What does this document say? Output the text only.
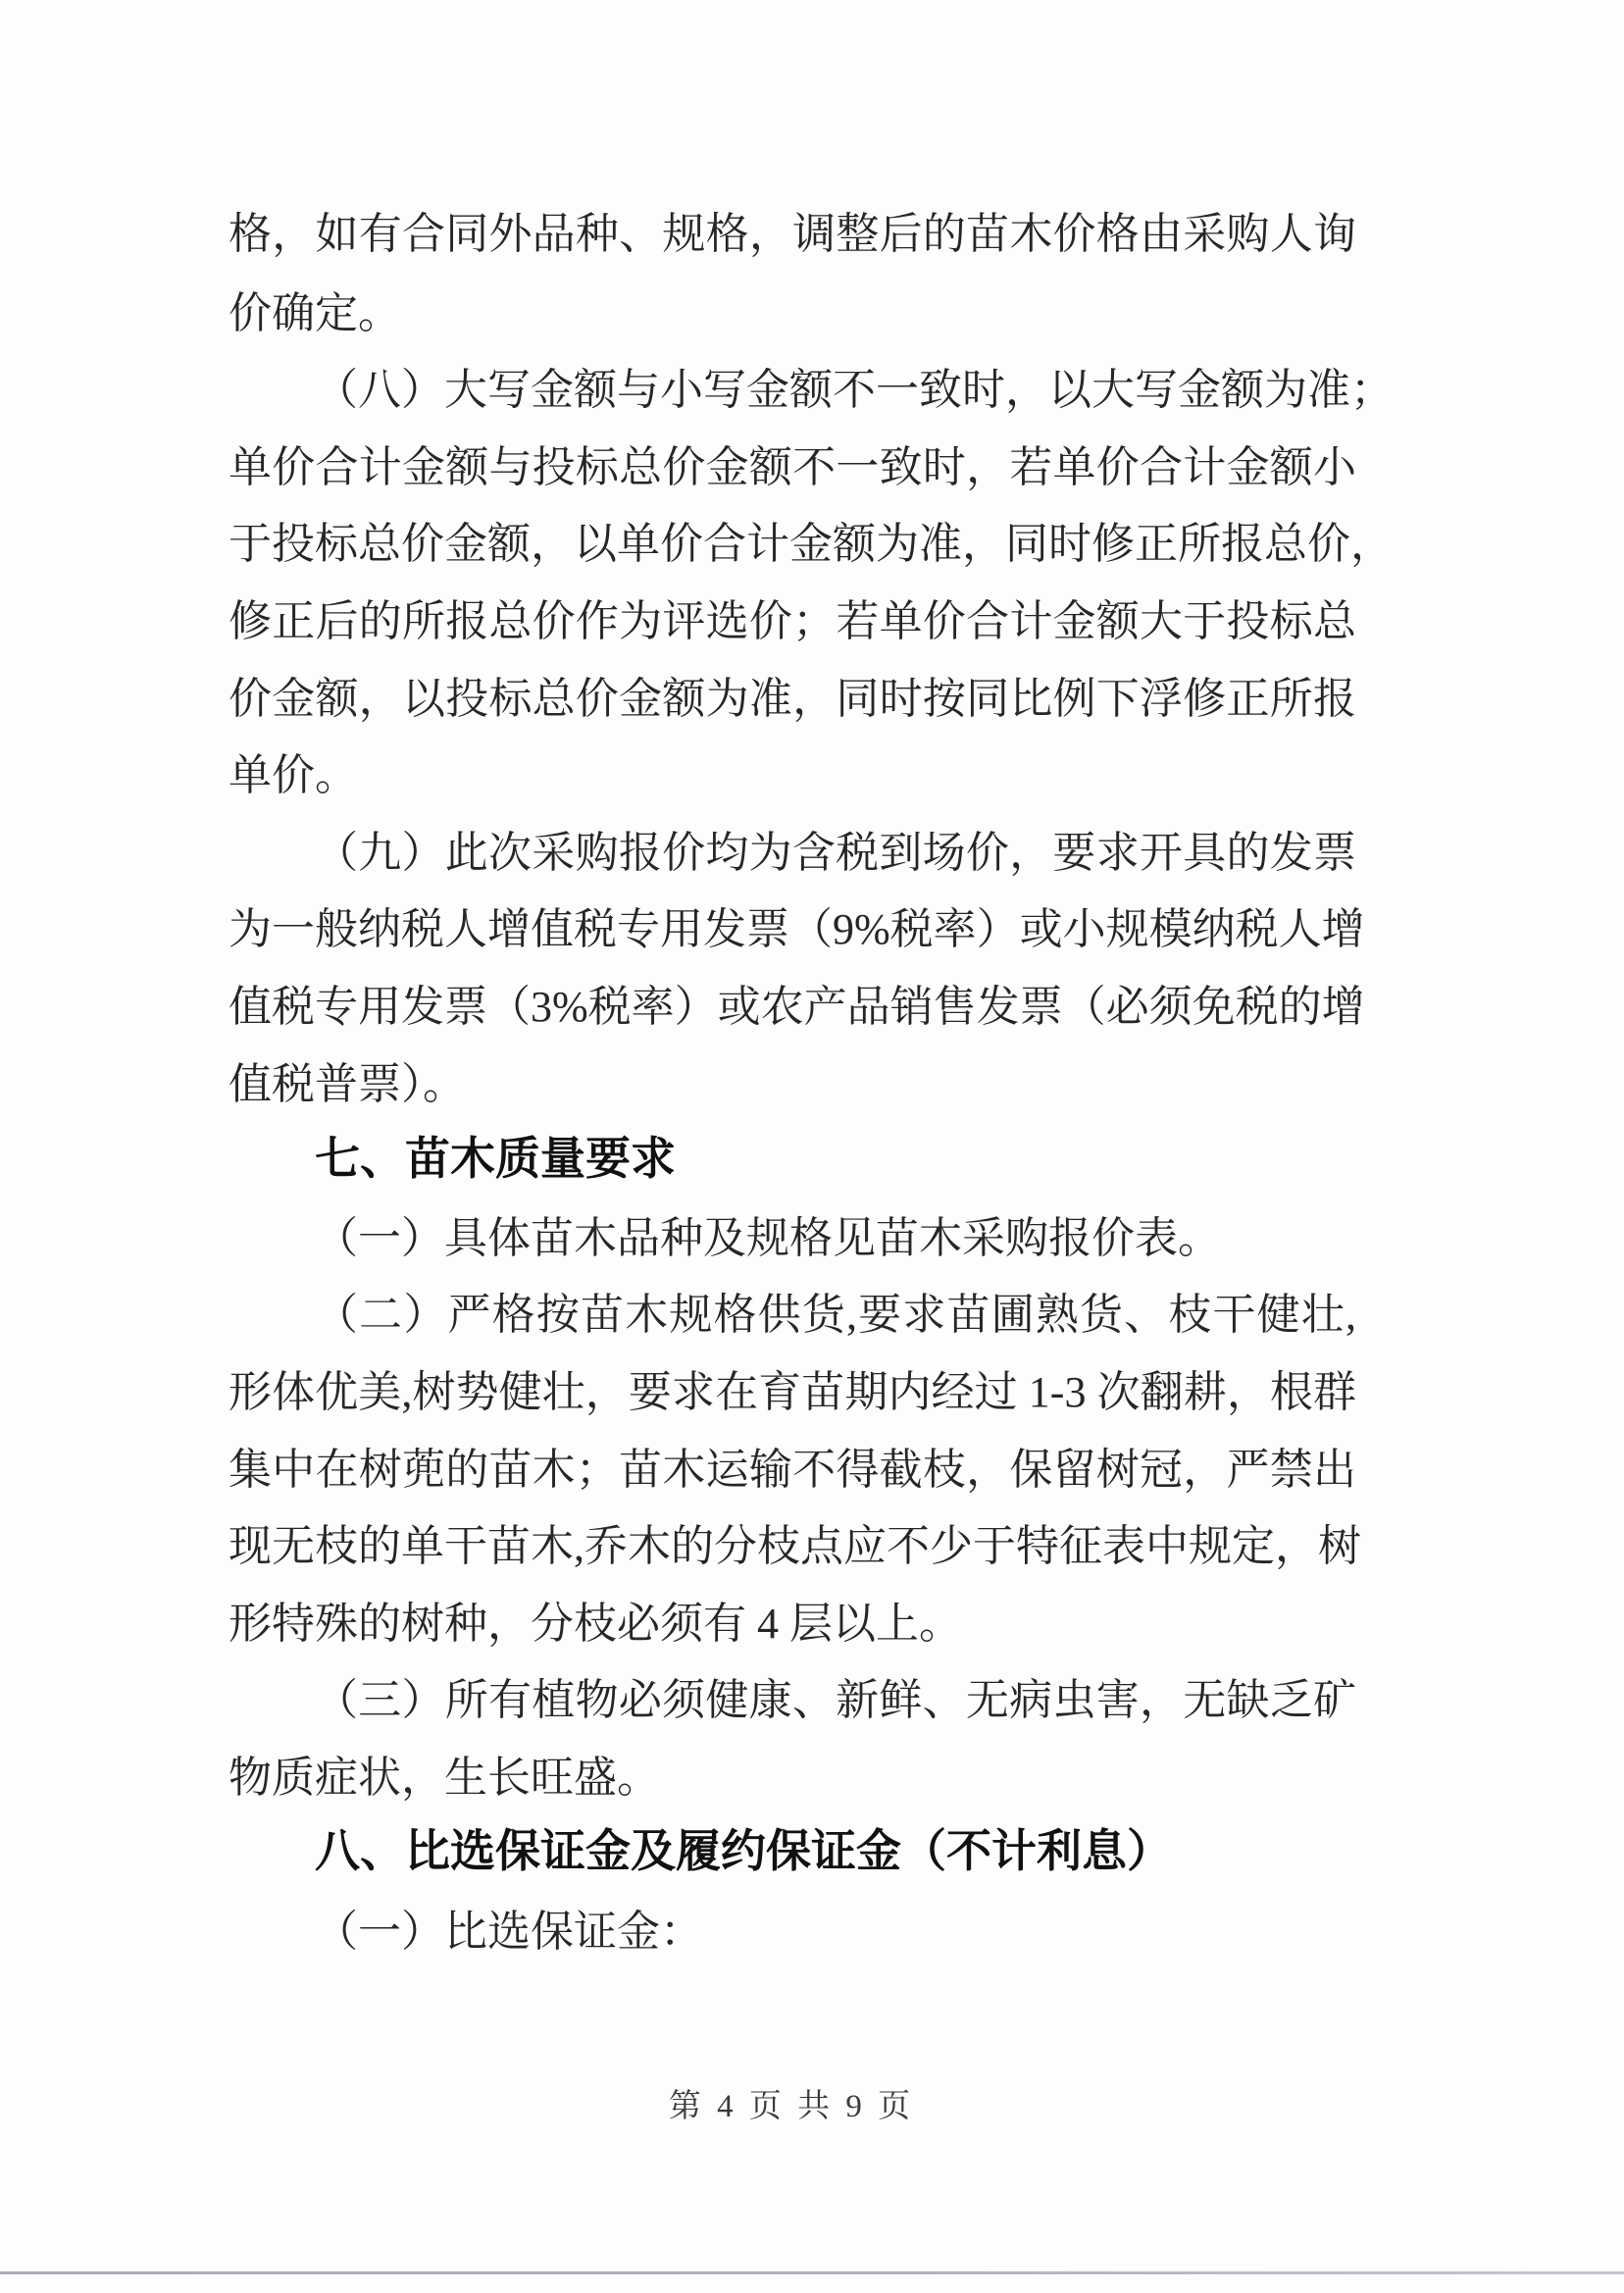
格，如有合同外品种、规格，调整后的苗木价格由采购人询
价确定。
（八）大写金额与小写金额不一致时，以大写金额为准；
单价合计金额与投标总价金额不一致时，若单价合计金额小
于投标总价金额，以单价合计金额为准，同时修正所报总价，
修正后的所报总价作为评选价；若单价合计金额大于投标总
价金额，以投标总价金额为准，同时按同比例下浮修正所报
单价。
（九）此次采购报价均为含税到场价，要求开具的发票
为一般纳税人增值税专用发票（9%税率）或小规模纳税人增
值税专用发票（3%税率）或农产品销售发票（必须免税的增
值税普票）。
七、苗木质量要求
（一）具体苗木品种及规格见苗木采购报价表。
（二）严格按苗木规格供货,要求苗圃熟货、枝干健壮,
形体优美,树势健壮，要求在育苗期内经过 1-3 次翻耕，根群
集中在树蔸的苗木；苗木运输不得截枝，保留树冠，严禁出
现无枝的单干苗木,乔木的分枝点应不少于特征表中规定，树
形特殊的树种，分枝必须有 4 层以上。
（三）所有植物必须健康、新鲜、无病虫害，无缺乏矿
物质症状，生长旺盛。
八、比选保证金及履约保证金（不计利息）
（一）比选保证金：
第 4 页 共 9 页
